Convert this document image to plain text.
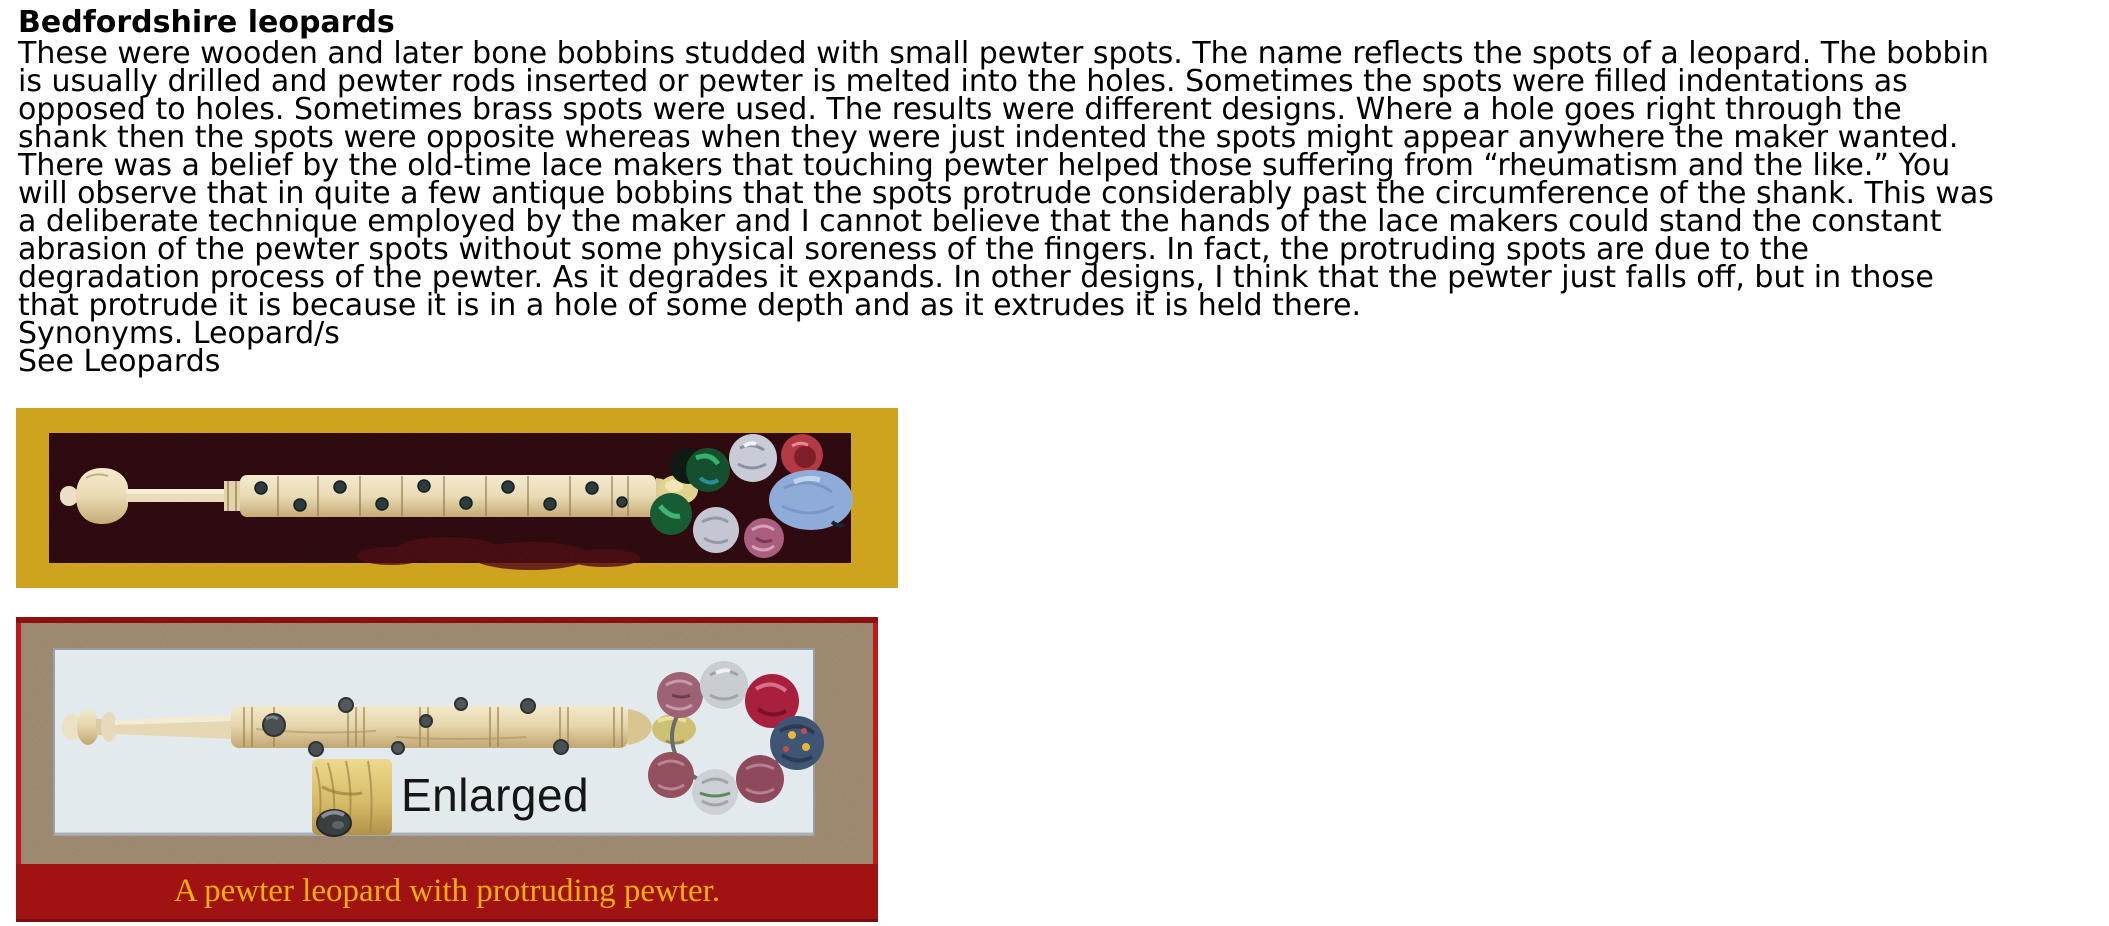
Bedfordshire leopards
These were wooden and later bone bobbins studded with small pewter spots. The name reflects the spots of a leopard. The bobbin
is usually drilled and pewter rods inserted or pewter is melted into the holes. Sometimes the spots were filled indentations as
opposed to holes. Sometimes brass spots were used. The results were different designs. Where a hole goes right through the
shank then the spots were opposite whereas when they were just indented the spots might appear anywhere the maker wanted.
There was a belief by the old-time lace makers that touching pewter helped those suffering from “rheumatism and the like.” You
will observe that in quite a few antique bobbins that the spots protrude considerably past the circumference of the shank. This was
a deliberate technique employed by the maker and I cannot believe that the hands of the lace makers could stand the constant
abrasion of the pewter spots without some physical soreness of the fingers. In fact, the protruding spots are due to the
degradation process of the pewter. As it degrades it expands. In other designs, I think that the pewter just falls off, but in those
that protrude it is because it is in a hole of some depth and as it extrudes it is held there.
Synonyms. Leopard/s
See Leopards
Enlarged
A pewter leopard with protruding pewter.
